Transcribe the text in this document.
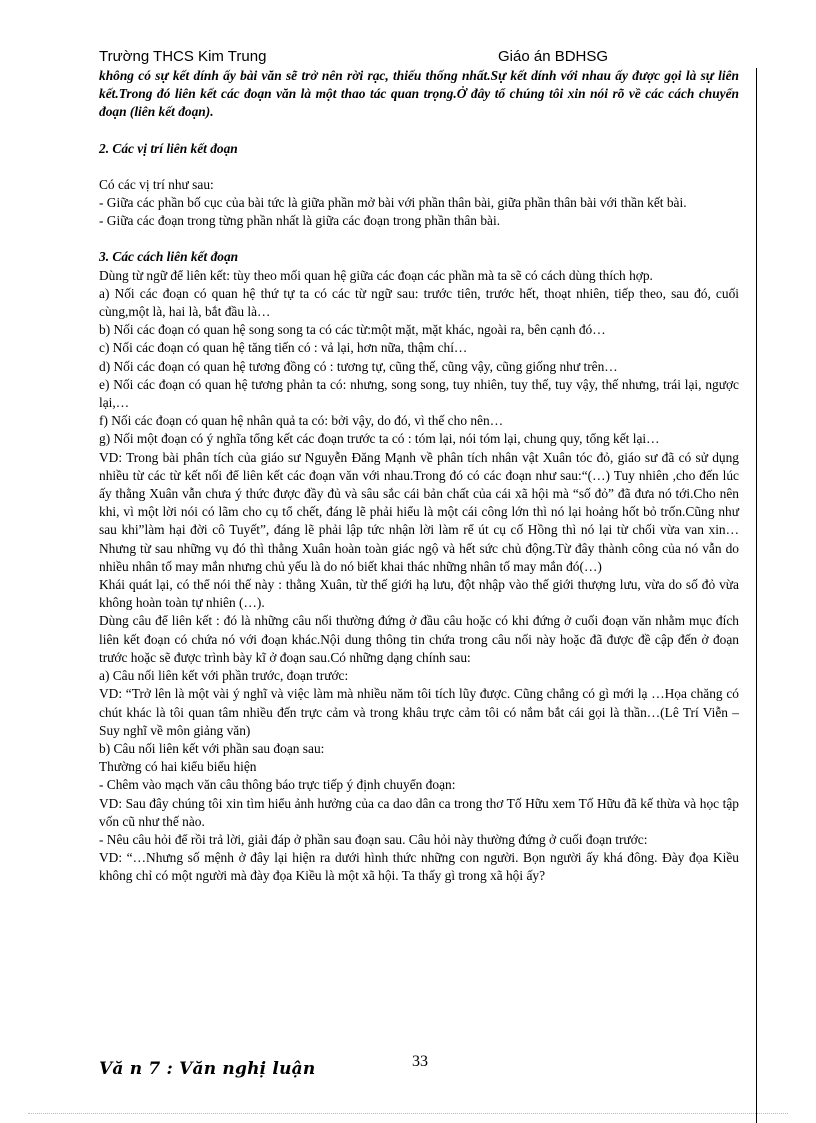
Trường THCS Kim Trung	Giáo án BDHSG

không có sự kết dính ấy bài văn sẽ trở nên rời rạc, thiếu thống nhất.Sự kết dính với nhau ấy được gọi là sự liên kết.Trong đó liên kết các đoạn văn là một thao tác quan trọng.Ở đây tổ chúng tôi xin nói rõ về các cách chuyển đoạn (liên kết đoạn).

2. Các vị trí liên kết đoạn

Có các vị trí như sau:

- Giữa các phần bố cục của bài tức là giữa phần mở bài với phần thân bài, giữa phần thân bài với thần kết bài.

- Giữa các đoạn trong từng phần nhất là giữa các đoạn trong phần thân bài.

3. Các cách liên kết đoạn

Dùng từ ngữ để liên kết: tùy theo mối quan hệ giữa các đoạn các phần mà ta sẽ có cách dùng thích hợp.

a) Nối các đoạn có quan hệ thứ tự ta có các từ ngữ sau: trước tiên, trước hết, thoạt nhiên, tiếp theo, sau đó, cuối cùng,một là, hai là, bắt đầu là…

b) Nối các đoạn có quan hệ song song ta có các từ:một mặt, mặt khác, ngoài ra, bên cạnh đó…

c) Nối các đoạn có quan hệ tăng tiến có : vả lại, hơn nữa, thậm chí…

d) Nối các đoạn có quan hệ tương đồng có : tương tự, cũng thế, cũng vậy, cũng giống như trên…

e) Nối các đoạn có quan hệ tương phản ta có: nhưng, song song, tuy nhiên, tuy thế, tuy vậy, thế nhưng, trái lại, ngược lại,…

f) Nối các đoạn có quan hệ nhân quả ta có: bởi vậy, do đó, vì thế cho nên…

g) Nối một đoạn có ý nghĩa tổng kết các đoạn trước ta có : tóm lại, nói tóm lại, chung quy, tổng kết lại…

VD: Trong bài phân tích của giáo sư Nguyễn Đăng Mạnh về phân tích nhân vật Xuân tóc đỏ, giáo sư đã có sử dụng nhiều từ các từ kết nối để liên kết các đoạn văn với nhau.Trong đó có các đoạn như sau:“(…) Tuy nhiên ,cho đến lúc ấy thằng Xuân vẫn chưa ý thức được đầy đủ và sâu sắc cái bản chất của cái xã hội mà “số đỏ” đã đưa nó tới.Cho nên khi, vì một lời nói có lãm cho cụ tổ chết, đáng lẽ phải hiểu là một cái công lớn thì nó lại hoảng hốt bỏ trốn.Cũng như sau khi”làm hại đời cô Tuyết”, đáng lẽ phải lập tức nhận lời làm rể út cụ cố Hồng thì nó lại từ chối vừa van xin…Nhưng từ sau những vụ đó thì thằng Xuân hoàn toàn giác ngộ và hết sức chủ động.Từ đây thành công của nó vẫn do nhiều nhân tố may mắn nhưng chủ yếu là do nó biết khai thác những nhân tố may mắn đó(…)

Khái quát lại, có thể nói thế này : thằng Xuân, từ thế giới hạ lưu, đột nhập vào thế giới thượng lưu, vừa do số đỏ vừa không hoàn toàn tự nhiên (…).

Dùng câu để liên kết : đó là những câu nối thường đứng ở đầu câu hoặc có khi đứng ở cuối đoạn văn nhằm mục đích liên kết đoạn có chứa nó với đoạn khác.Nội dung thông tin chứa trong câu nối này hoặc đã được đề cập đến ở đoạn trước hoặc sẽ được trình bày kĩ ở đoạn sau.Có những dạng chính sau:

a) Câu nối liên kết với phần trước, đoạn trước:

VD: “Trở lên là một vài ý nghĩ và việc làm mà nhiều năm tôi tích lũy được. Cũng chẳng có gì mới lạ …Họa chăng có chút khác là tôi quan tâm nhiều đến trực cảm và trong khâu trực cảm tôi có nắm bắt cái gọi là thần…(Lê Trí Viễn – Suy nghĩ về môn giảng văn)

b) Câu nối liên kết với phần sau đoạn sau:

Thường có hai kiểu biểu hiện

- Chêm vào mạch văn câu thông báo trực tiếp ý định chuyển đoạn:

VD: Sau đây chúng tôi xin tìm hiểu ảnh hưởng của ca dao dân ca trong thơ Tố Hữu xem Tố Hữu đã kế thừa và học tập vốn cũ như thế nào.

- Nêu câu hỏi để rồi trả lời, giải đáp ở phần sau đoạn sau. Câu hỏi này thường đứng ở cuối đoạn trước:

VD: “…Nhưng số mệnh ở đây lại hiện ra dưới hình thức những con người. Bọn người ấy khá đông. Đày đọa Kiều không chỉ có một người mà đày đọa Kiều là một xã hội. Ta thấy gì trong xã hội ấy?

Vă n 7 : Văn nghị luận	33
